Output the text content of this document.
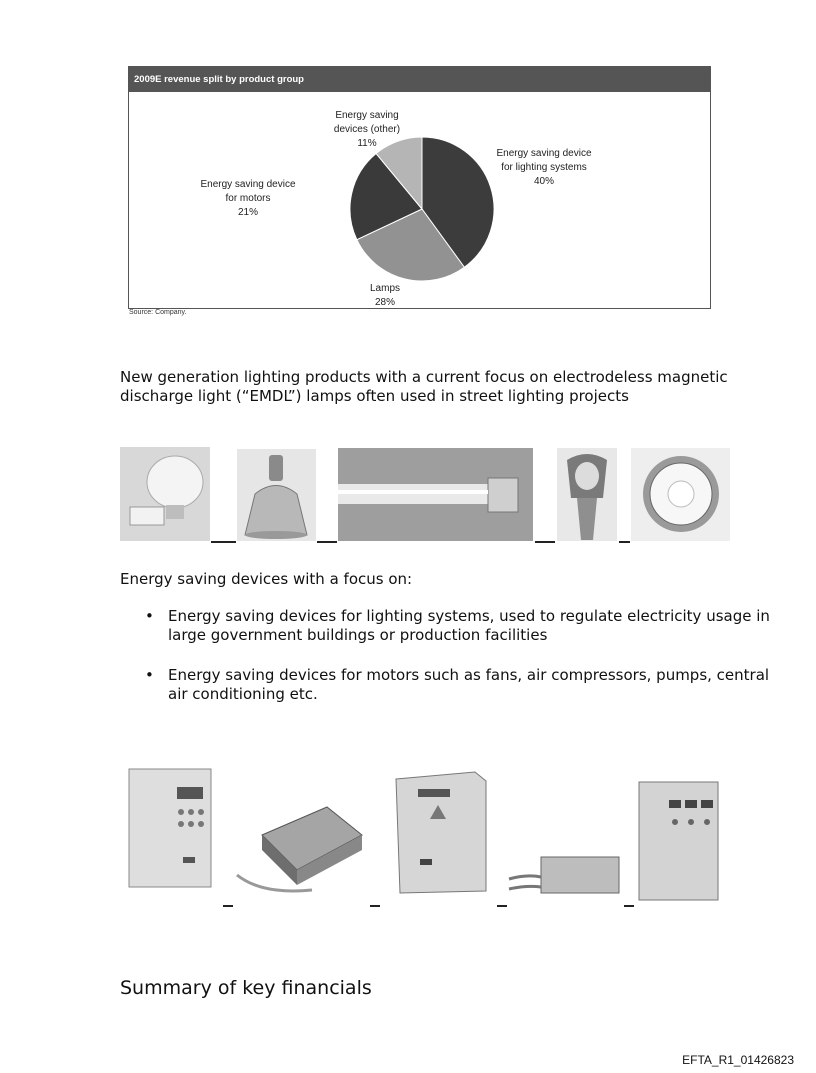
2009E revenue split by product group
Energy saving device for lighting systems 40%
Lamps 28%
Energy saving device for motors 21%
Energy saving devices (other) 11%
Source: Company.

New generation lighting products with a current focus on electrodeless magnetic discharge light (“EMDL”) lamps often used in street lighting projects

Energy saving devices with a focus on:

• Energy saving devices for lighting systems, used to regulate electricity usage in large government buildings or production facilities
• Energy saving devices for motors such as fans, air compressors, pumps, central air conditioning etc.
Summary of key financials
EFTA_R1_01426823
